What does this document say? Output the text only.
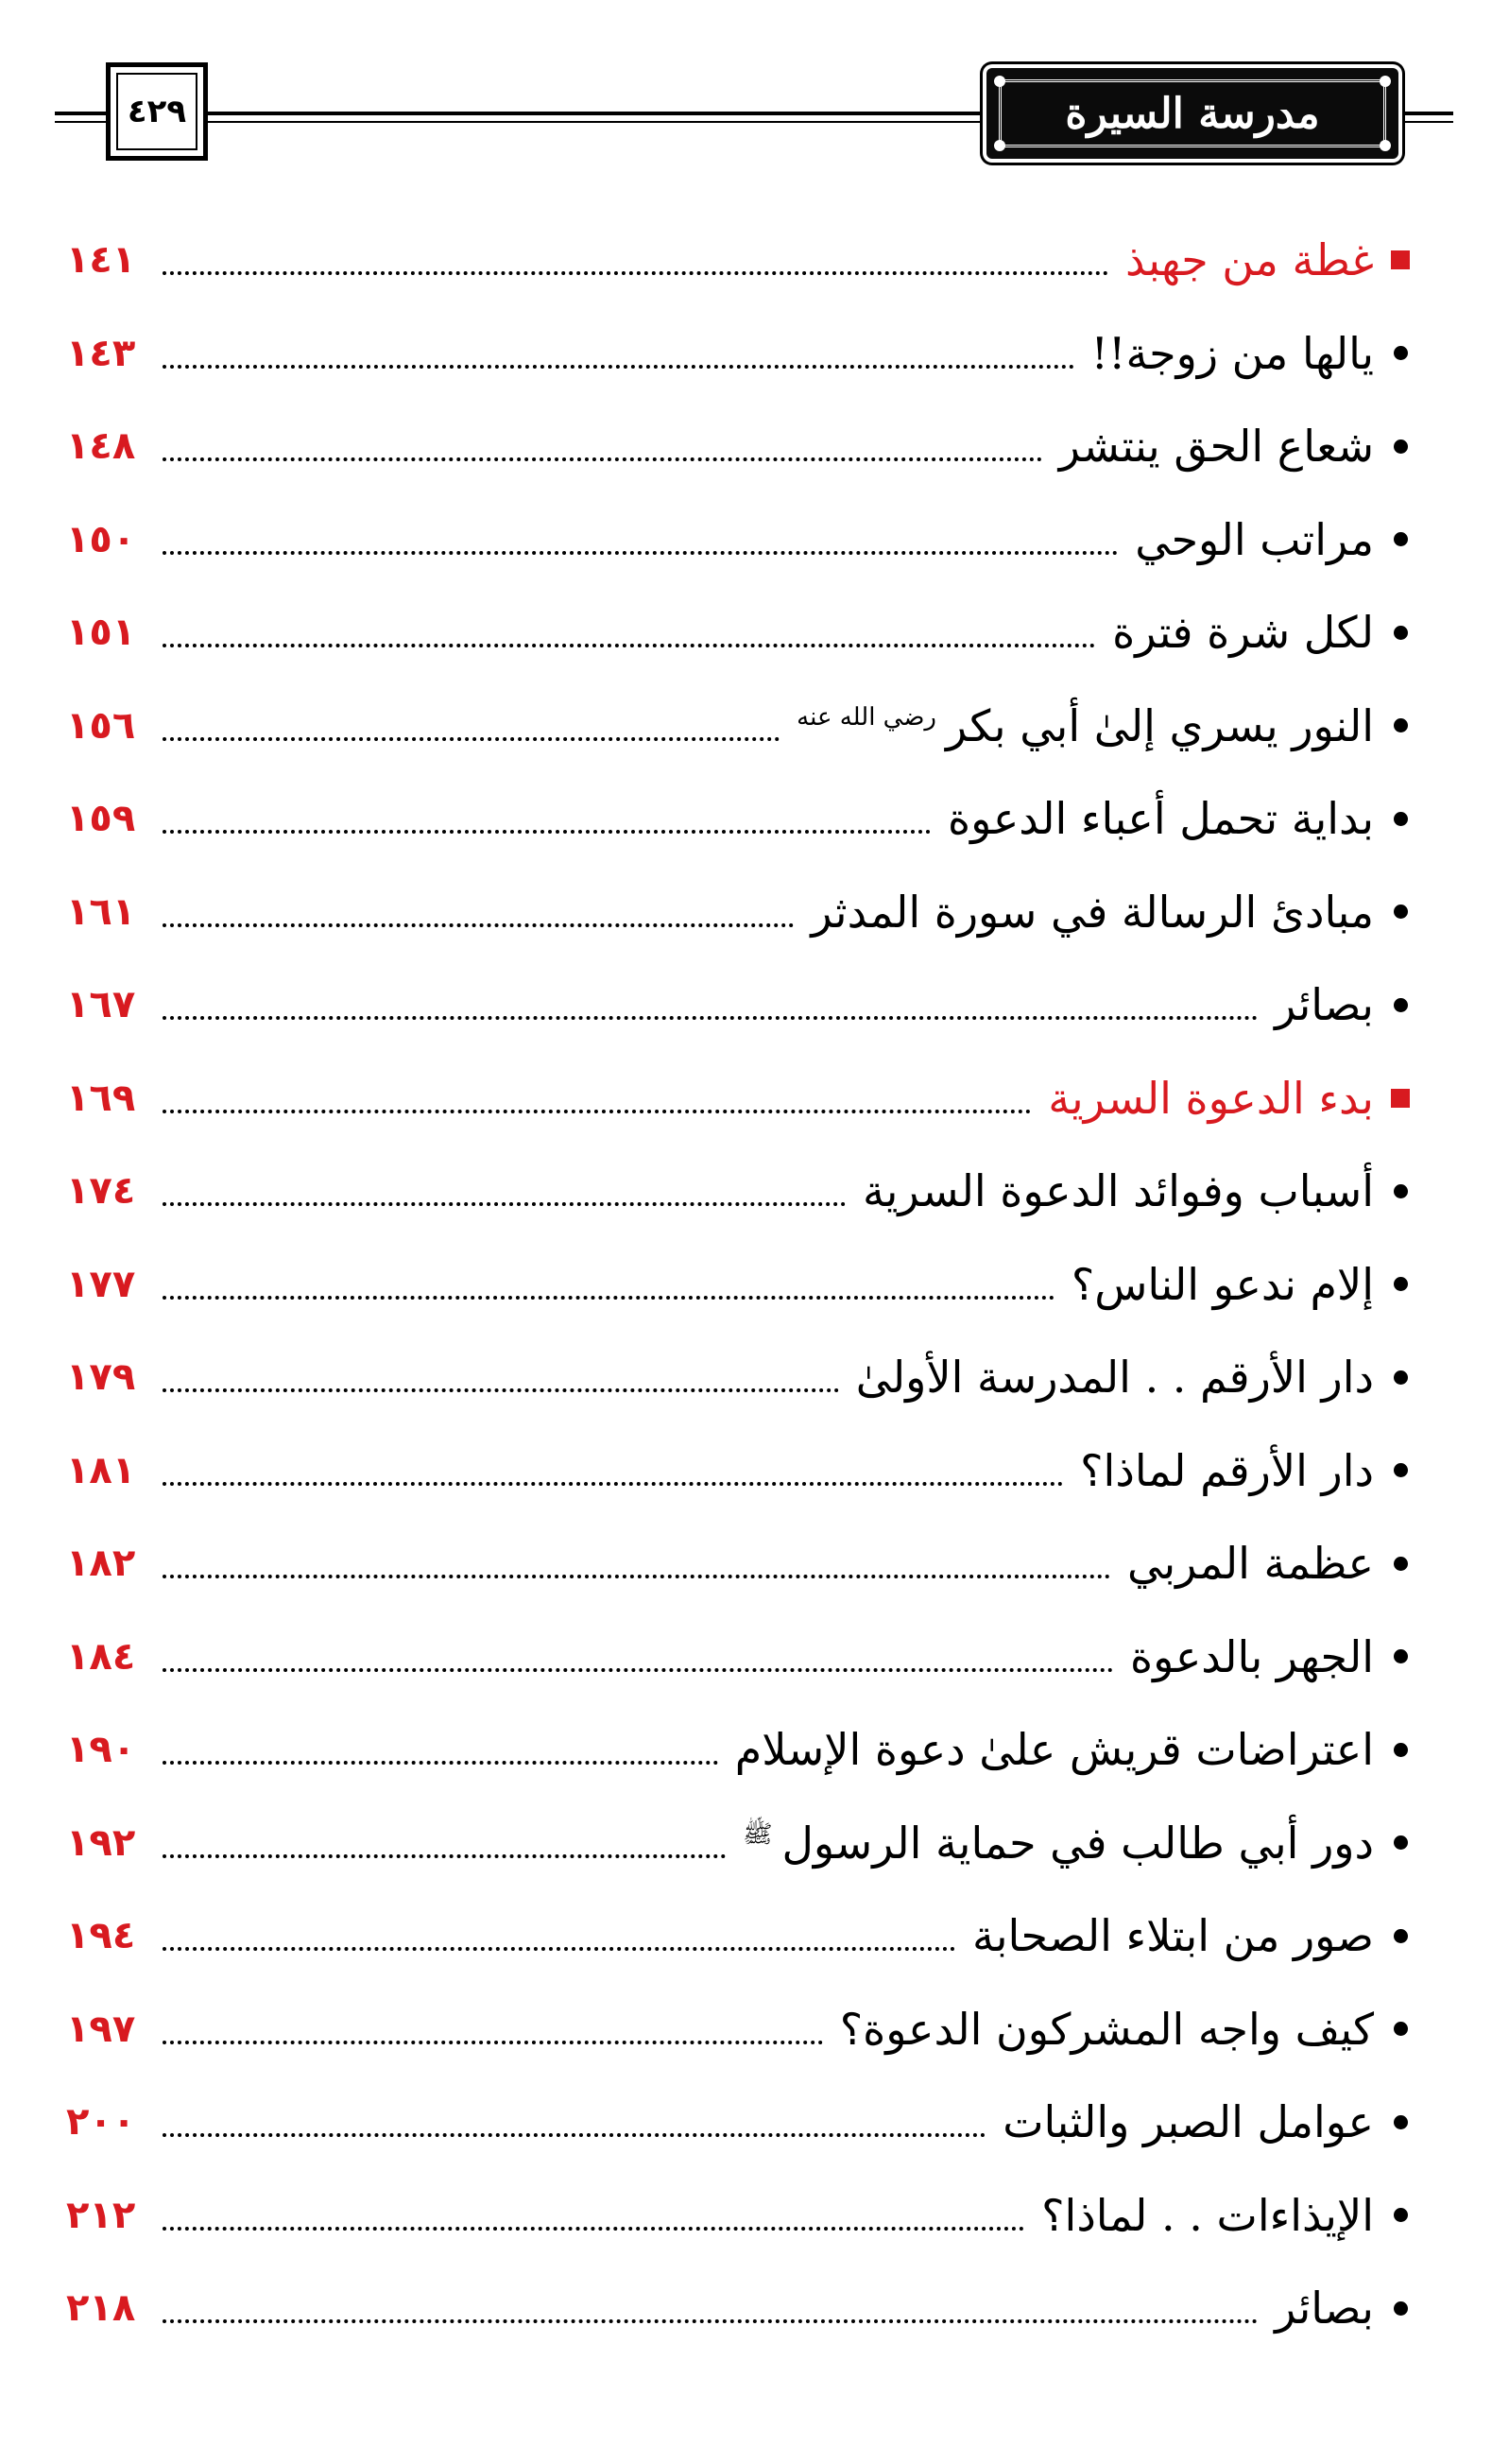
٤٢٩	مدرسة السيرة
غطة من جهبذ
١٤١
يالها من زوجة!!
١٤٣
شعاع الحق ينتشر
١٤٨
مراتب الوحي
١٥٠
لكل شرة فترة
١٥١
النور يسري إلىٰ أبي بكر$^{رضي الله عنه}$
١٥٦
بداية تحمل أعباء الدعوة
١٥٩
مبادئ الرسالة في سورة المدثر
١٦١
بصائر
١٦٧
بدء الدعوة السرية
١٦٩
أسباب وفوائد الدعوة السرية
١٧٤
إلام ندعو الناس؟
١٧٧
دار الأرقم . . المدرسة الأولىٰ
١٧٩
دار الأرقم لماذا؟
١٨١
عظمة المربي
١٨٢
الجهر بالدعوة
١٨٤
اعتراضات قريش علىٰ دعوة الإسلام
١٩٠
دور أبي طالب في حماية الرسول$^ﷺ$
١٩٢
صور من ابتلاء الصحابة
١٩٤
كيف واجه المشركون الدعوة؟
١٩٧
عوامل الصبر والثبات
٢٠٠
الإيذاءات . . لماذا؟
٢١٢
بصائر
٢١٨
